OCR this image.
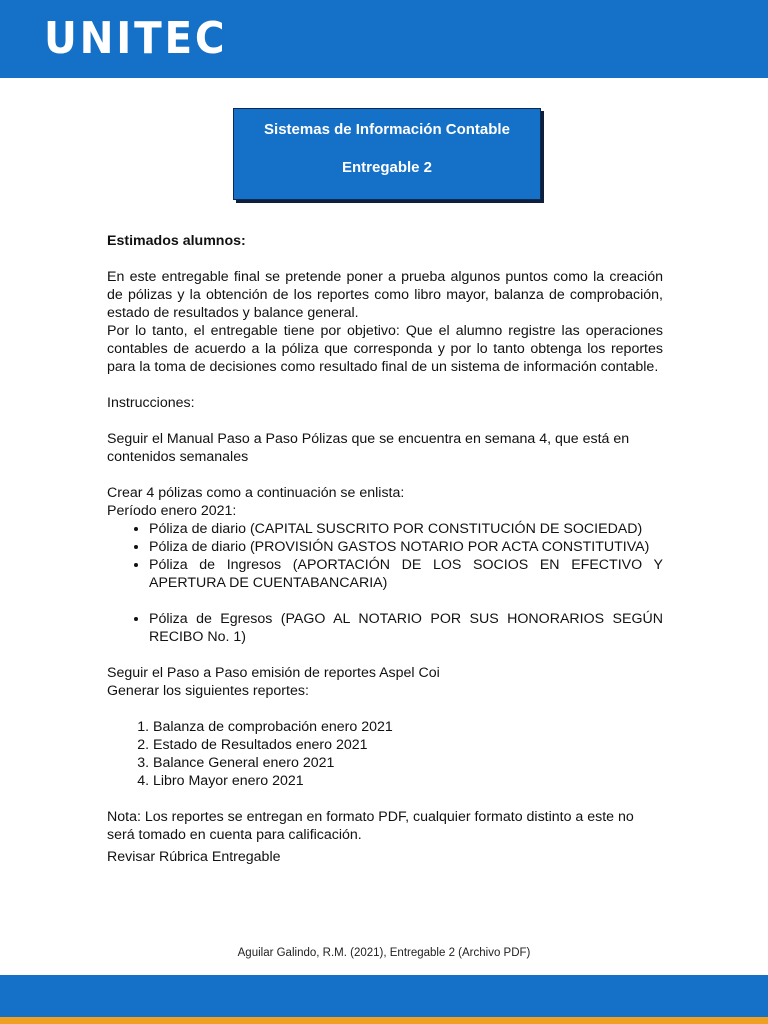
UNITEC
Sistemas de Información Contable
Entregable 2

Estimados alumnos:

En este entregable final se pretende poner a prueba algunos puntos como la creación de pólizas y la obtención de los reportes como libro mayor, balanza de comprobación, estado de resultados y balance general.

Por lo tanto, el entregable tiene por objetivo: Que el alumno registre las operaciones contables de acuerdo a la póliza que corresponda y por lo tanto obtenga los reportes para la toma de decisiones como resultado final de un sistema de información contable.

Instrucciones:

Seguir el Manual Paso a Paso Pólizas que se encuentra en semana 4, que está en contenidos semanales

Crear 4 pólizas como a continuación se enlista:

Período enero 2021:

• Póliza de diario (CAPITAL SUSCRITO POR CONSTITUCIÓN DE SOCIEDAD)
• Póliza de diario (PROVISIÓN GASTOS NOTARIO POR ACTA CONSTITUTIVA)
• Póliza de Ingresos (APORTACIÓN DE LOS SOCIOS EN EFECTIVO Y APERTURA DE CUENTABANCARIA)
• Póliza de Egresos (PAGO AL NOTARIO POR SUS HONORARIOS SEGÚN RECIBO No. 1)

Seguir el Paso a Paso emisión de reportes Aspel Coi

Generar los siguientes reportes:

1. Balanza de comprobación enero 2021
2. Estado de Resultados enero 2021
3. Balance General enero 2021
4. Libro Mayor enero 2021

Nota: Los reportes se entregan en formato PDF, cualquier formato distinto a este no será tomado en cuenta para calificación.

Revisar Rúbrica Entregable

Aguilar Galindo, R.M. (2021), Entregable 2 (Archivo PDF)
